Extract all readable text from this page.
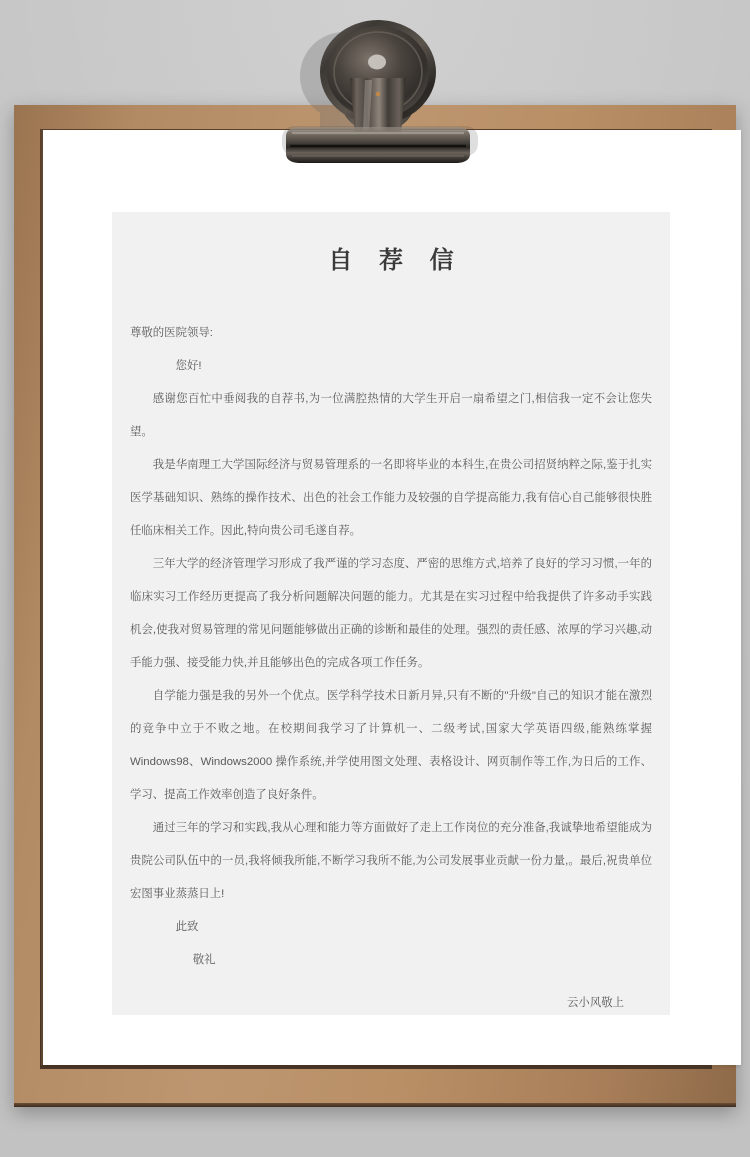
自 荐 信

尊敬的医院领导:

您好!

感谢您百忙中垂阅我的自荐书,为一位满腔热情的大学生开启一扇希望之门,相信我一定不会让您失望。

我是华南理工大学国际经济与贸易管理系的一名即将毕业的本科生,在贵公司招贤纳粹之际,鉴于扎实医学基础知识、熟练的操作技术、出色的社会工作能力及较强的自学提高能力,我有信心自己能够很快胜任临床相关工作。因此,特向贵公司毛遂自荐。

三年大学的经济管理学习形成了我严谨的学习态度、严密的思维方式,培养了良好的学习习惯,一年的临床实习工作经历更提高了我分析问题解决问题的能力。尤其是在实习过程中给我提供了许多动手实践机会,使我对贸易管理的常见问题能够做出正确的诊断和最佳的处理。强烈的责任感、浓厚的学习兴趣,动手能力强、接受能力快,并且能够出色的完成各项工作任务。

自学能力强是我的另外一个优点。医学科学技术日新月异,只有不断的"升级"自己的知识才能在激烈的竞争中立于不败之地。在校期间我学习了计算机一、二级考试,国家大学英语四级,能熟练掌握 Windows98、Windows2000 操作系统,并学使用图文处理、表格设计、网页制作等工作,为日后的工作、学习、提高工作效率创造了良好条件。

通过三年的学习和实践,我从心理和能力等方面做好了走上工作岗位的充分准备,我诚挚地希望能成为贵院公司队伍中的一员,我将倾我所能,不断学习我所不能,为公司发展事业贡献一份力量,。最后,祝贵单位宏图事业蒸蒸日上!

此致

敬礼

云小风敬上
